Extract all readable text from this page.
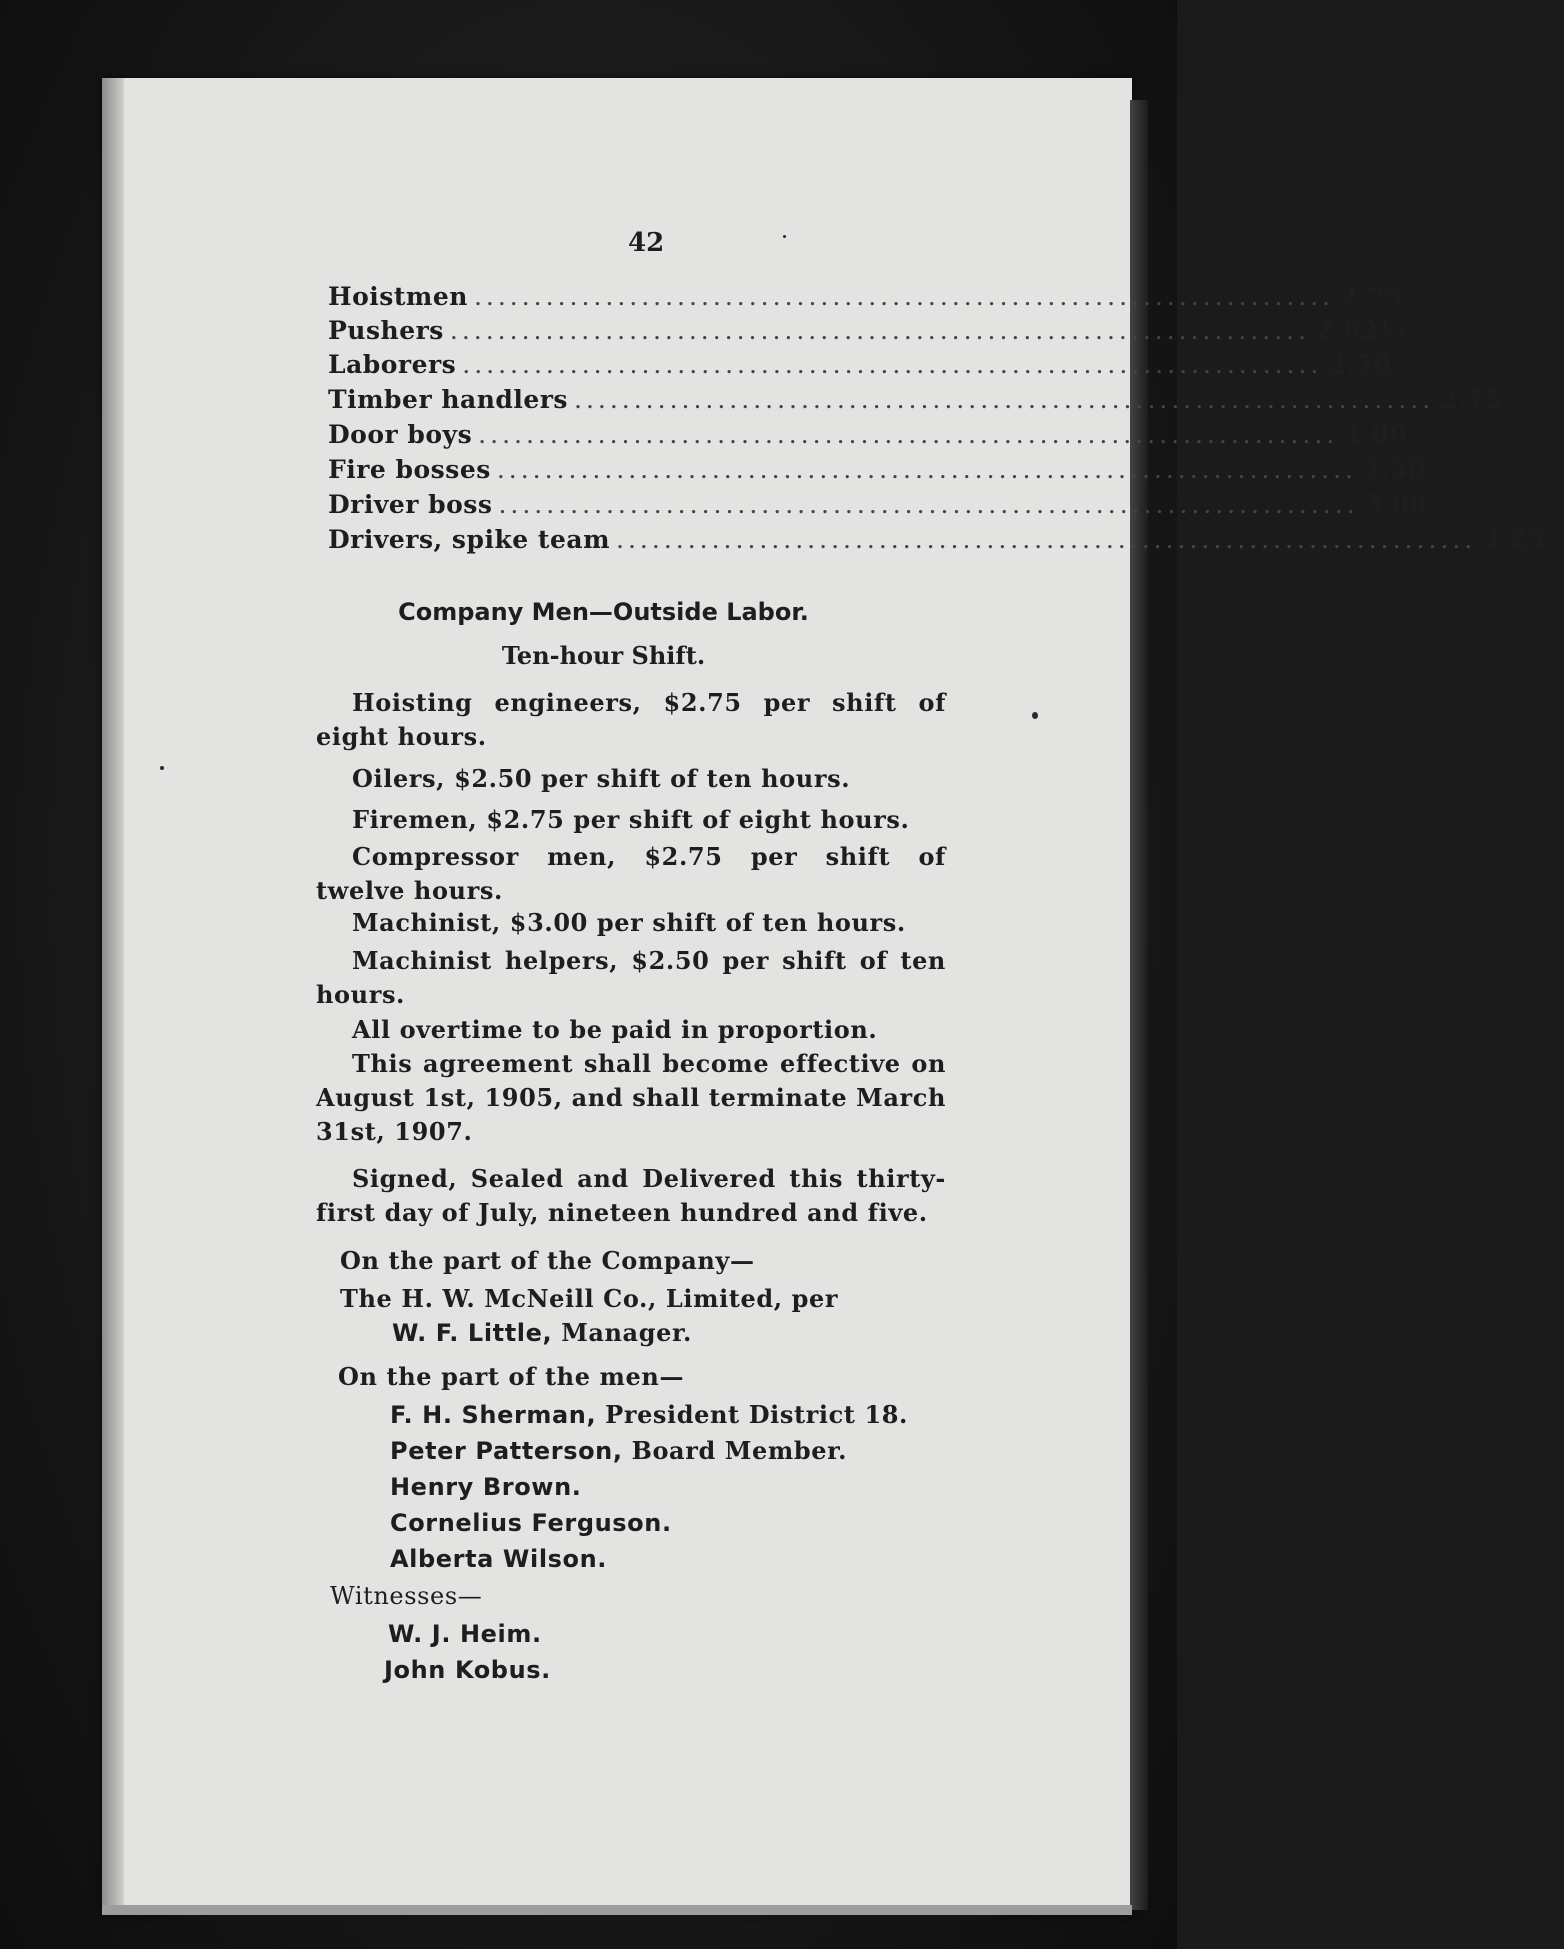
42
Hoistmen ........................................................................ 2.75
Pushers ........................................................................ 2.62½
Laborers ........................................................................ 2.50
Timber handlers ........................................................................ 2.75
Door boys ........................................................................ 1.00
Fire bosses ........................................................................ 3.50
Driver boss ........................................................................ 3.00
Drivers, spike team ........................................................................ 3.25
Company Men—Outside Labor.
Ten-hour Shift.
Hoisting engineers, $2.75 per shift of eight hours.
Oilers, $2.50 per shift of ten hours.
Firemen, $2.75 per shift of eight hours.
Compressor men, $2.75 per shift of twelve hours.
Machinist, $3.00 per shift of ten hours.
Machinist helpers, $2.50 per shift of ten hours.
All overtime to be paid in proportion.
This agreement shall become effective on August 1st, 1905, and shall terminate March 31st, 1907.
Signed, Sealed and Delivered this thirty-first day of July, nineteen hundred and five.
On the part of the Company—
The H. W. McNeill Co., Limited, per
W. F. Little, Manager.
On the part of the men—
F. H. Sherman, President District 18.
Peter Patterson, Board Member.
Henry Brown.
Cornelius Ferguson.
Alberta Wilson.
Witnesses—
W. J. Heim.
John Kobus.
